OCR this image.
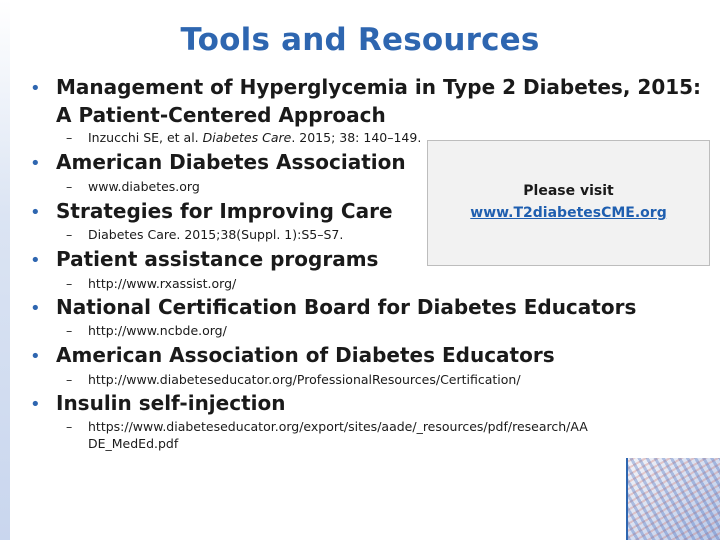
Tools and Resources
• Management of Hyperglycemia in Type 2 Diabetes, 2015:
A Patient-Centered Approach
– Inzucchi SE, et al. Diabetes Care. 2015; 38: 140–149.
• American Diabetes Association
– www.diabetes.org
• Strategies for Improving Care
– Diabetes Care. 2015;38(Suppl. 1):S5–S7.
• Patient assistance programs
– http://www.rxassist.org/
• National Certification Board for Diabetes Educators
– http://www.ncbde.org/
• American Association of Diabetes Educators
– http://www.diabeteseducator.org/ProfessionalResources/Certification/
• Insulin self-injection
– https://www.diabeteseducator.org/export/sites/aade/_resources/pdf/research/AA
DE_MedEd.pdf
Please visit
www.T2diabetesCME.org
